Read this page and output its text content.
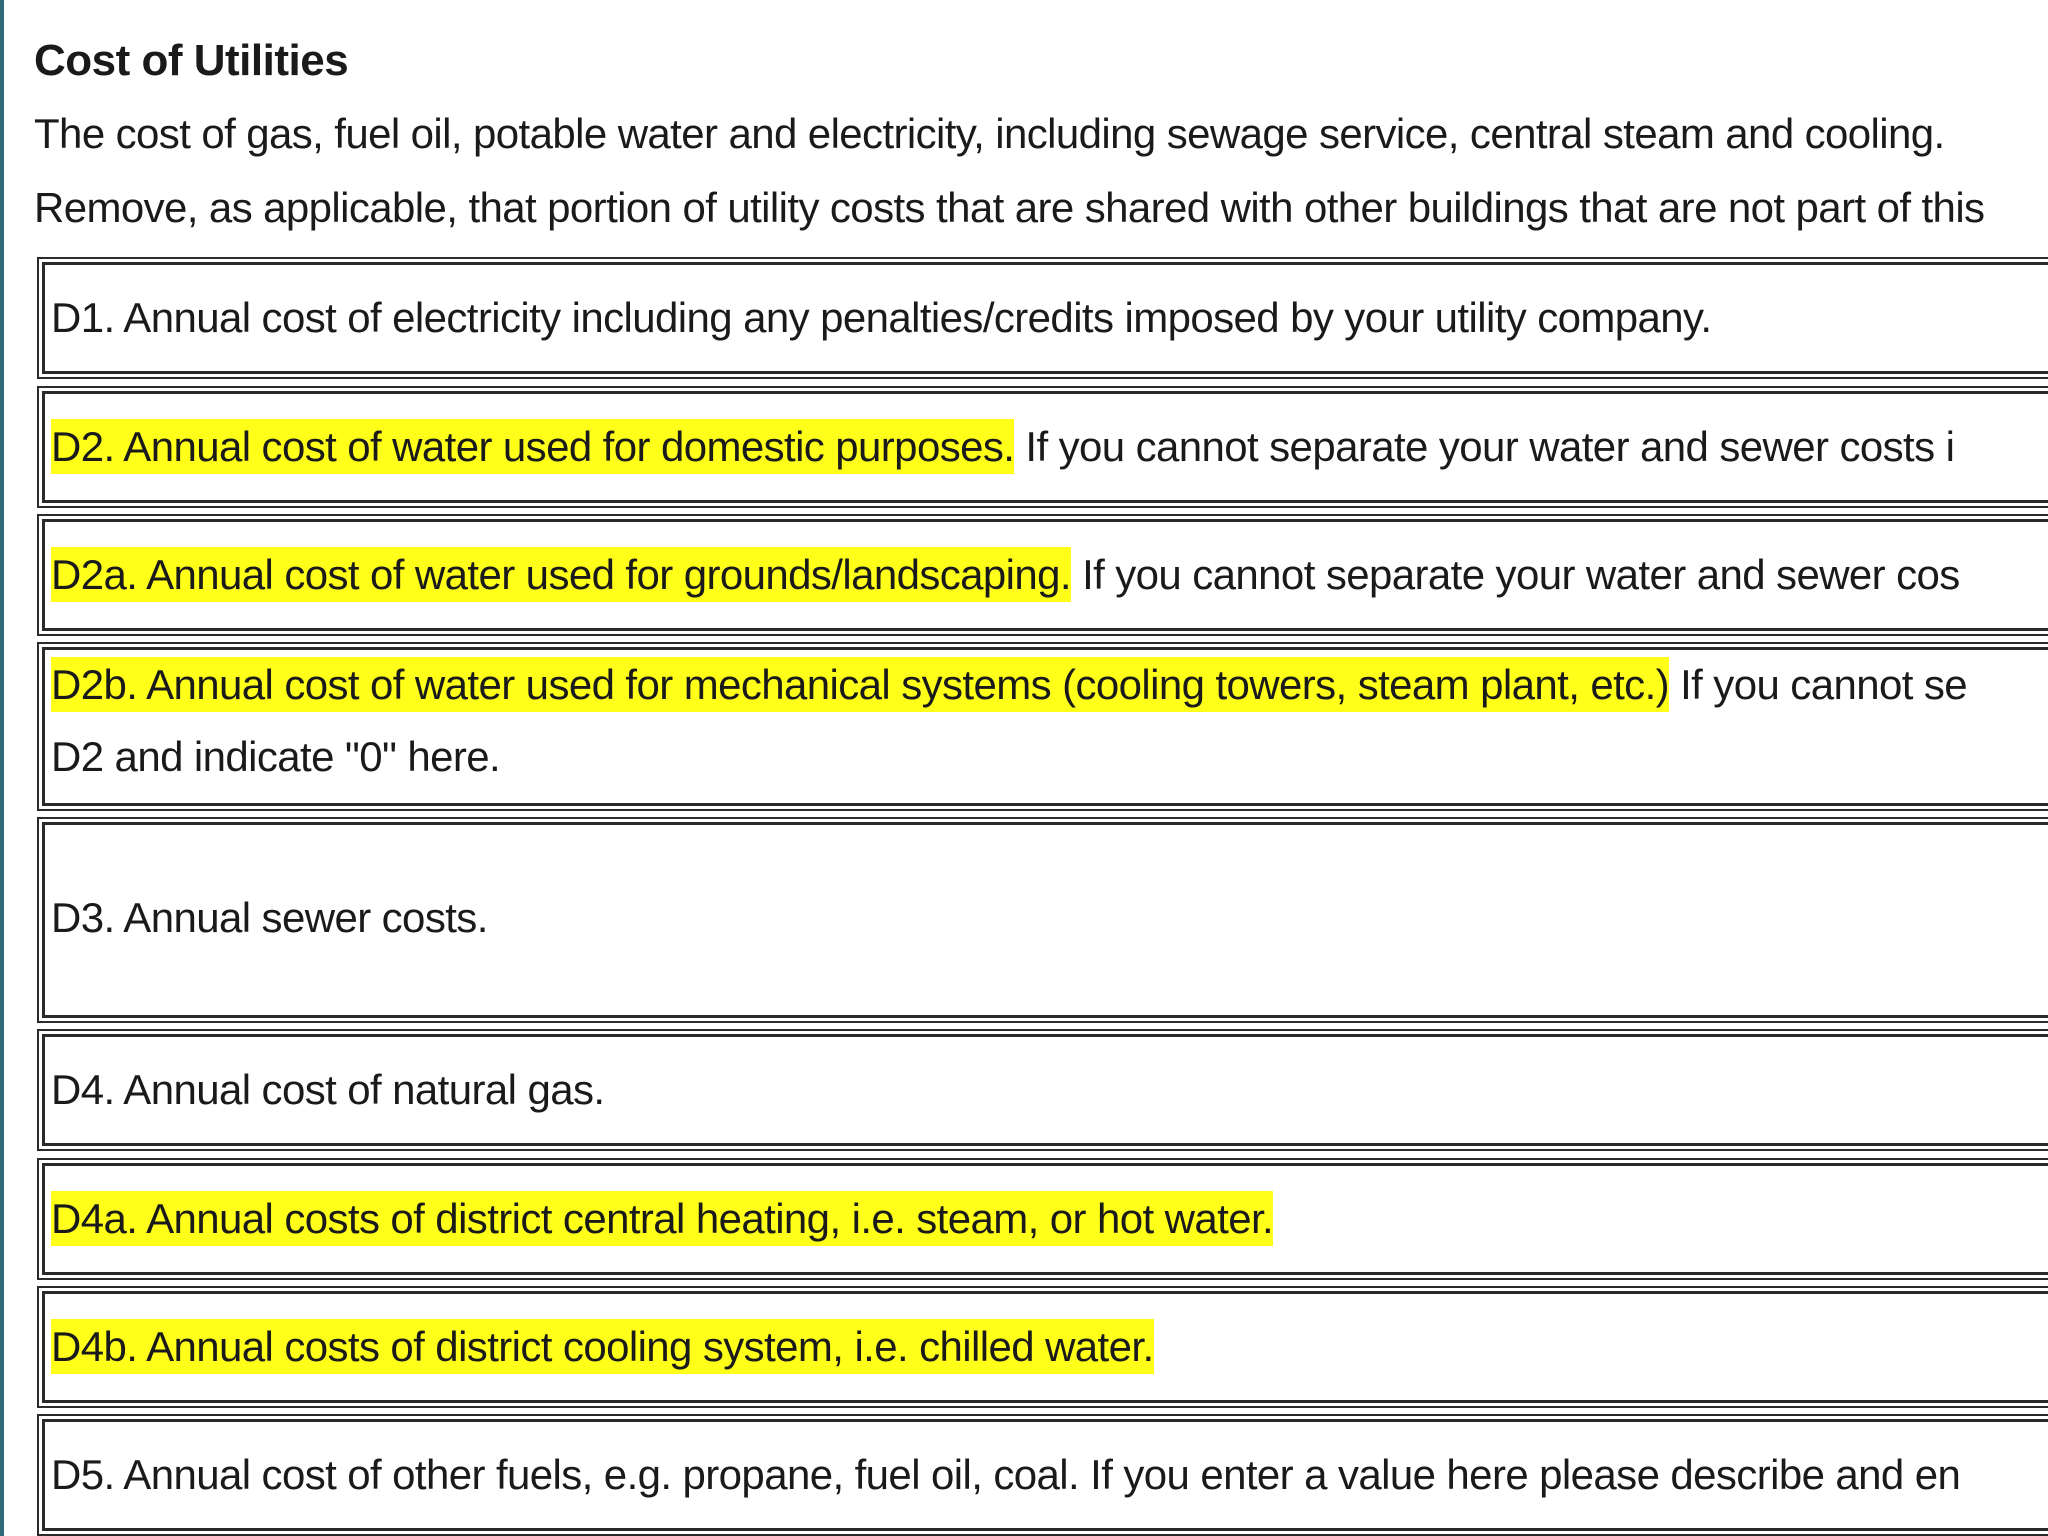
Cost of Utilities
The cost of gas, fuel oil, potable water and electricity, including sewage service, central steam and cooling.
Remove, as applicable, that portion of utility costs that are shared with other buildings that are not part of this
D1. Annual cost of electricity including any penalties/credits imposed by your utility company.
D2. Annual cost of water used for domestic purposes. If you cannot separate your water and sewer costs i
D2a. Annual cost of water used for grounds/landscaping. If you cannot separate your water and sewer cos
D2b. Annual cost of water used for mechanical systems (cooling towers, steam plant, etc.) If you cannot se
D2 and indicate "0" here.
D3. Annual sewer costs.
D4. Annual cost of natural gas.
D4a. Annual costs of district central heating, i.e. steam, or hot water.
D4b. Annual costs of district cooling system, i.e. chilled water.
D5. Annual cost of other fuels, e.g. propane, fuel oil, coal. If you enter a value here please describe and en
